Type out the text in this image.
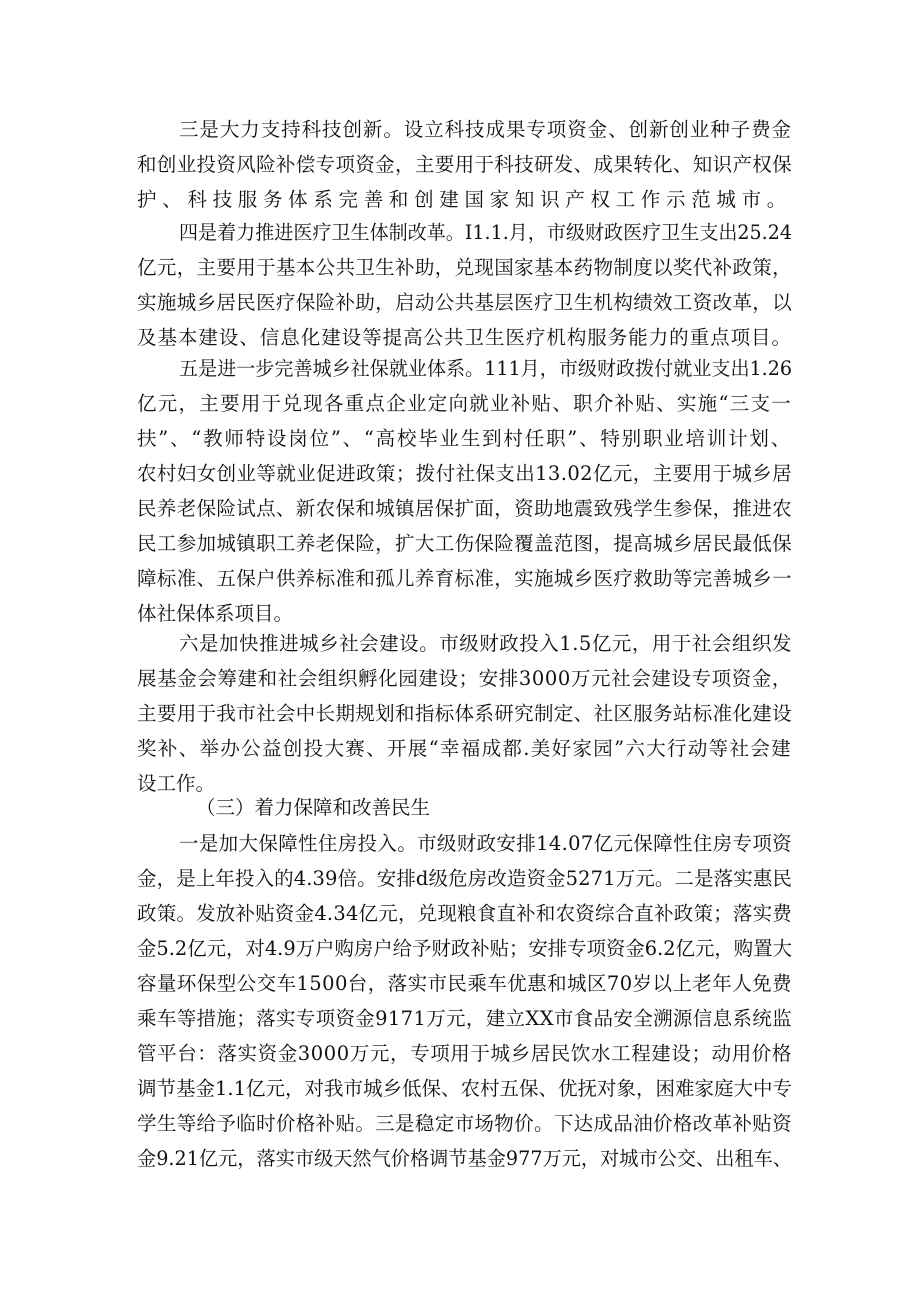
三是大力支持科技创新。设立科技成果专项资金、创新创业种子费金

和创业投资风险补偿专项资金，主要用于科技研发、成果转化、知识产权保

护、科技服务体系完善和创建国家知识产权工作示范城市。

四是着力推进医疗卫生体制改革。I1.1.月，市级财政医疗卫生支出25.24

亿元，主要用于基本公共卫生补助，兑现国家基本药物制度以奖代补政策，

实施城乡居民医疗保险补助，启动公共基层医疗卫生机构绩效工资改革，以

及基本建设、信息化建设等提高公共卫生医疗机构服务能力的重点项目。

五是进一步完善城乡社保就业体系。111月，市级财政拨付就业支出1.26

亿元，主要用于兑现各重点企业定向就业补贴、职介补贴、实施“三支一

扶”、“教师特设岗位”、“高校毕业生到村任职”、特别职业培训计划、

农村妇女创业等就业促进政策；拨付社保支出13.02亿元，主要用于城乡居

民养老保险试点、新农保和城镇居保扩面，资助地震致残学生参保，推进农

民工参加城镇职工养老保险，扩大工伤保险覆盖范图，提高城乡居民最低保

障标准、五保户供养标准和孤儿养育标准，实施城乡医疗救助等完善城乡一

体社保体系项目。

六是加快推进城乡社会建设。市级财政投入1.5亿元，用于社会组织发

展基金会筹建和社会组织孵化园建设；安排3000万元社会建设专项资金，

主要用于我市社会中长期规划和指标体系研究制定、社区服务站标准化建设

奖补、举办公益创投大赛、开展“幸福成都.美好家园”六大行动等社会建

设工作。

（三）着力保障和改善民生

一是加大保障性住房投入。市级财政安排14.07亿元保障性住房专项资

金，是上年投入的4.39倍。安排d级危房改造资金5271万元。二是落实惠民

政策。发放补贴资金4.34亿元，兑现粮食直补和农资综合直补政策；落实费

金5.2亿元，对4.9万户购房户给予财政补贴；安排专项资金6.2亿元，购置大

容量环保型公交车1500台，落实市民乘车优惠和城区70岁以上老年人免费

乘车等措施；落实专项资金9171万元，建立XX市食品安全溯源信息系统监

管平台：落实资金3000万元，专项用于城乡居民饮水工程建设；动用价格

调节基金1.1亿元，对我市城乡低保、农村五保、优抚对象，困难家庭大中专

学生等给予临时价格补贴。三是稳定市场物价。下达成品油价格改革补贴资

金9.21亿元，落实市级天然气价格调节基金977万元，对城市公交、出租车、
